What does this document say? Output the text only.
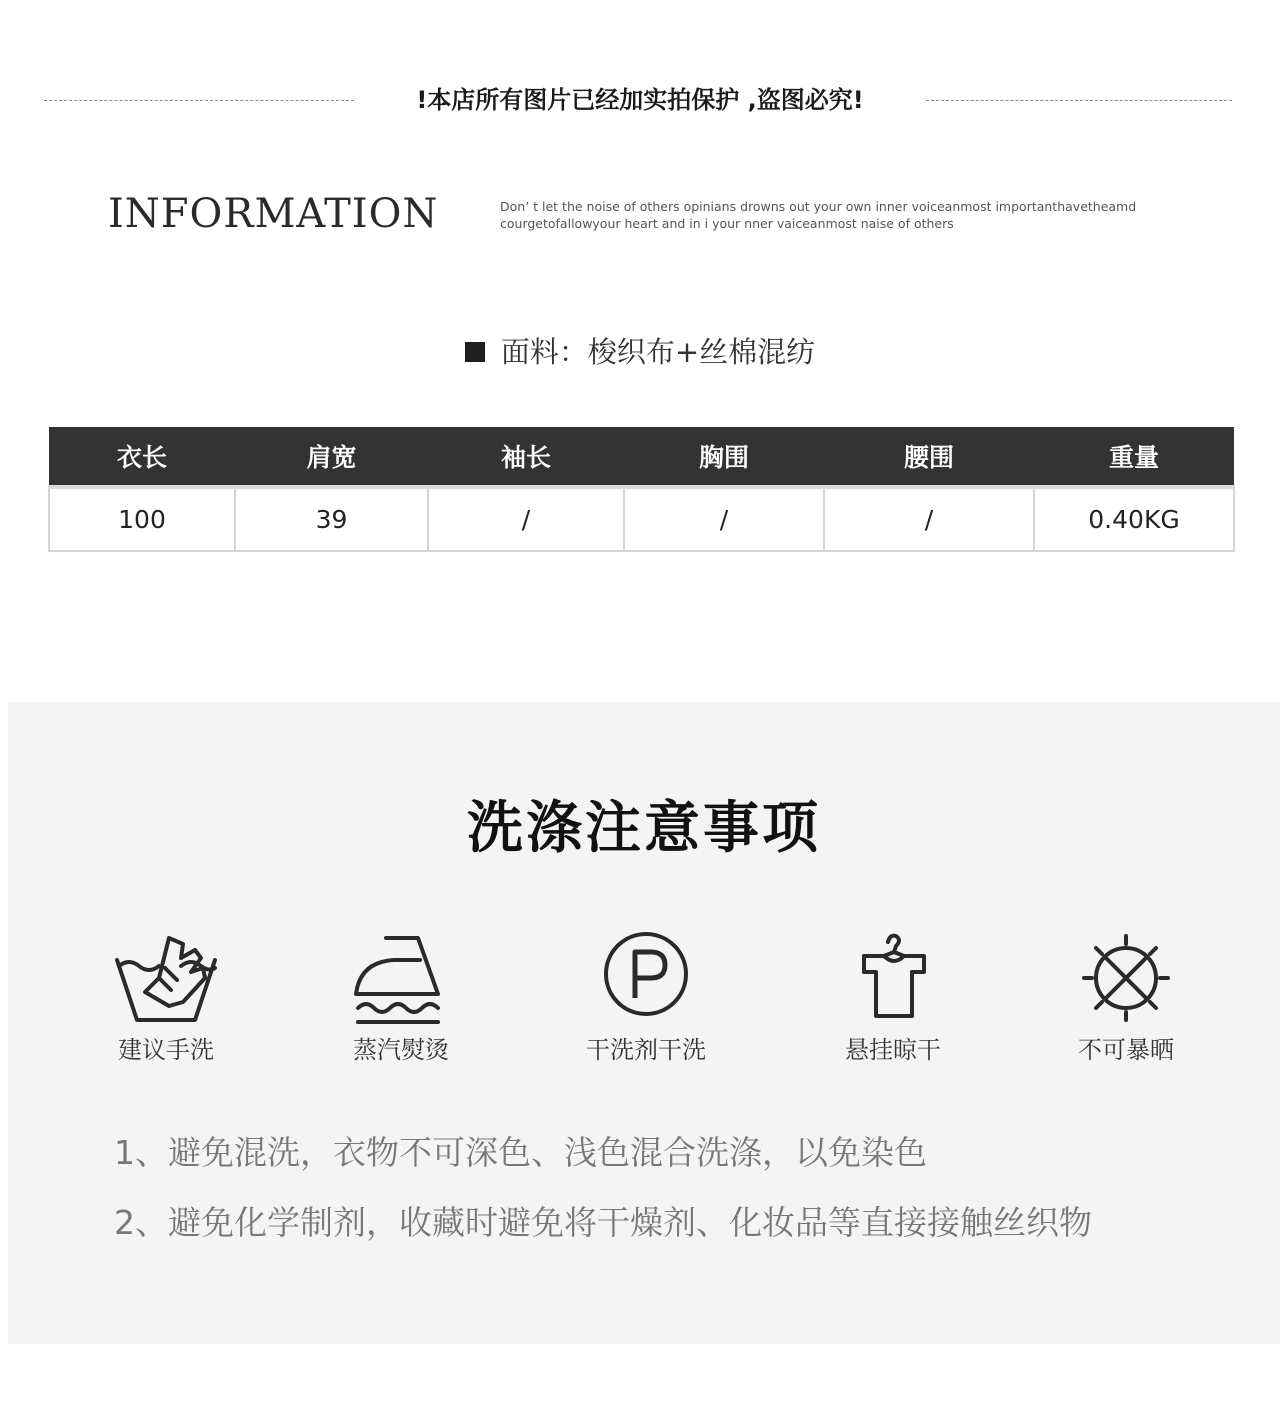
!本店所有图片已经加实拍保护 ,盗图必究!
INFORMATION	Don’ t let the noise of others opinians drowns out your own inner voiceanmost importanthavetheamd
courgetofallowyour heart and in i your nner vaiceanmost naise of others
面料：梭织布+丝棉混纺
衣长	肩宽	袖长	胸围	腰围	重量
100	39	/	/	/	0.40KG
洗涤注意事项
建议手洗	蒸汽熨烫	干洗剂干洗	悬挂晾干	不可暴晒
1、避免混洗，衣物不可深色、浅色混合洗涤，以免染色
2、避免化学制剂，收藏时避免将干燥剂、化妆品等直接接触丝织物
